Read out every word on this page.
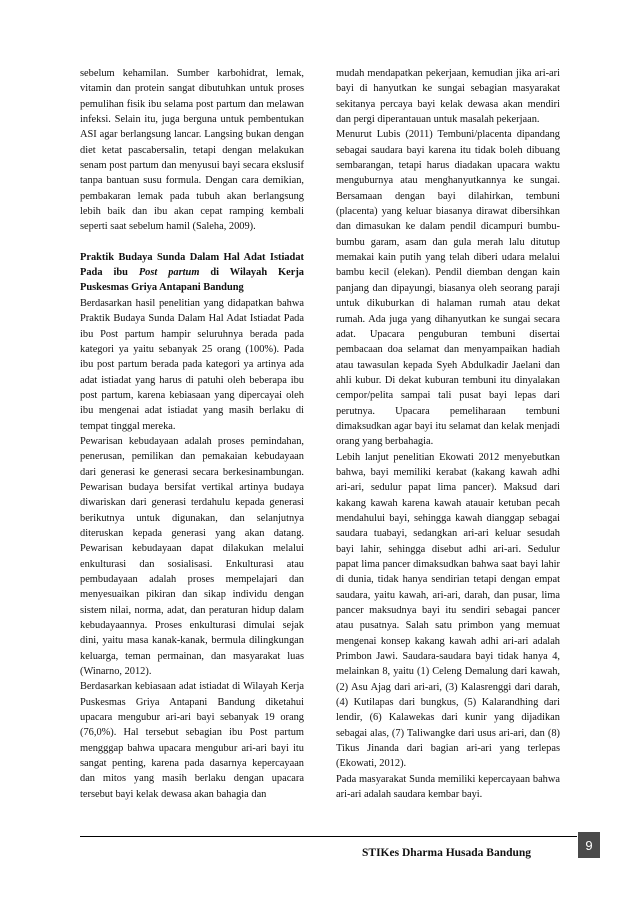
sebelum kehamilan. Sumber karbohidrat, lemak, vitamin dan protein sangat dibutuhkan untuk proses pemulihan fisik ibu selama post partum dan melawan infeksi. Selain itu, juga berguna untuk pembentukan ASI agar berlangsung lancar. Langsing bukan dengan diet ketat pascabersalin, tetapi dengan melakukan senam post partum dan menyusui bayi secara ekslusif tanpa bantuan susu formula. Dengan cara demikian, pembakaran lemak pada tubuh akan berlangsung lebih baik dan ibu akan cepat ramping kembali seperti saat sebelum hamil (Saleha, 2009).

Praktik Budaya Sunda Dalam Hal Adat Istiadat Pada ibu Post partum di Wilayah Kerja Puskesmas Griya Antapani Bandung

Berdasarkan hasil penelitian yang didapatkan bahwa Praktik Budaya Sunda Dalam Hal Adat Istiadat Pada ibu Post partum hampir seluruhnya berada pada kategori ya yaitu sebanyak 25 orang (100%). Pada ibu post partum berada pada kategori ya artinya ada adat istiadat yang harus di patuhi oleh beberapa ibu post partum, karena kebiasaan yang dipercayai oleh ibu mengenai adat istiadat yang masih berlaku di tempat tinggal mereka.

Pewarisan kebudayaan adalah proses pemindahan, penerusan, pemilikan dan pemakaian kebudayaan dari generasi ke generasi secara berkesinambungan. Pewarisan budaya bersifat vertikal artinya budaya diwariskan dari generasi terdahulu kepada generasi berikutnya untuk digunakan, dan selanjutnya diteruskan kepada generasi yang akan datang. Pewarisan kebudayaan dapat dilakukan melalui enkulturasi dan sosialisasi. Enkulturasi atau pembudayaan adalah proses mempelajari dan menyesuaikan pikiran dan sikap individu dengan sistem nilai, norma, adat, dan peraturan hidup dalam kebudayaannya. Proses enkulturasi dimulai sejak dini, yaitu masa kanak-kanak, bermula dilingkungan keluarga, teman permainan, dan masyarakat luas (Winarno, 2012).

Berdasarkan kebiasaan adat istiadat di Wilayah Kerja Puskesmas Griya Antapani Bandung diketahui upacara mengubur ari-ari bayi sebanyak 19 orang (76,0%). Hal tersebut sebagian ibu Post partum mengggap bahwa upacara mengubur ari-ari bayi itu sangat penting, karena pada dasarnya kepercayaan dan mitos yang masih berlaku dengan upacara tersebut bayi kelak dewasa akan bahagia dan

mudah mendapatkan pekerjaan, kemudian jika ari-ari bayi di hanyutkan ke sungai sebagian masyarakat sekitanya percaya bayi kelak dewasa akan mendiri dan pergi diperantauan untuk masalah pekerjaan.

Menurut Lubis (2011) Tembuni/placenta dipandang sebagai saudara bayi karena itu tidak boleh dibuang sembarangan, tetapi harus diadakan upacara waktu menguburnya atau menghanyutkannya ke sungai. Bersamaan dengan bayi dilahirkan, tembuni (placenta) yang keluar biasanya dirawat dibersihkan dan dimasukan ke dalam pendil dicampuri bumbu-bumbu garam, asam dan gula merah lalu ditutup memakai kain putih yang telah diberi udara melalui bambu kecil (elekan). Pendil diemban dengan kain panjang dan dipayungi, biasanya oleh seorang paraji untuk dikuburkan di halaman rumah atau dekat rumah. Ada juga yang dihanyutkan ke sungai secara adat. Upacara penguburan tembuni disertai pembacaan doa selamat dan menyampaikan hadiah atau tawasulan kepada Syeh Abdulkadir Jaelani dan ahli kubur. Di dekat kuburan tembuni itu dinyalakan cempor/pelita sampai tali pusat bayi lepas dari perutnya. Upacara pemeliharaan tembuni dimaksudkan agar bayi itu selamat dan kelak menjadi orang yang berbahagia.

Lebih lanjut penelitian Ekowati 2012 menyebutkan bahwa, bayi memiliki kerabat (kakang kawah adhi ari-ari, sedulur papat lima pancer). Maksud dari kakang kawah karena kawah atauair ketuban pecah mendahului bayi, sehingga kawah dianggap sebagai saudara tuabayi, sedangkan ari-ari keluar sesudah bayi lahir, sehingga disebut adhi ari-ari. Sedulur papat lima pancer dimaksudkan bahwa saat bayi lahir di dunia, tidak hanya sendirian tetapi dengan empat saudara, yaitu kawah, ari-ari, darah, dan pusar, lima pancer maksudnya bayi itu sendiri sebagai pancer atau pusatnya. Salah satu primbon yang memuat mengenai konsep kakang kawah adhi ari-ari adalah Primbon Jawi. Saudara-saudara bayi tidak hanya 4, melainkan 8, yaitu (1) Celeng Demalung dari kawah, (2) Asu Ajag dari ari-ari, (3) Kalasrenggi dari darah, (4) Kutilapas dari bungkus, (5) Kalarandhing dari lendir, (6) Kalawekas dari kunir yang dijadikan sebagai alas, (7) Taliwangke dari usus ari-ari, dan (8) Tikus Jinanda dari bagian ari-ari yang terlepas (Ekowati, 2012).

Pada masyarakat Sunda memiliki kepercayaan bahwa ari-ari adalah saudara kembar bayi.

STIKes Dharma Husada Bandung
9
